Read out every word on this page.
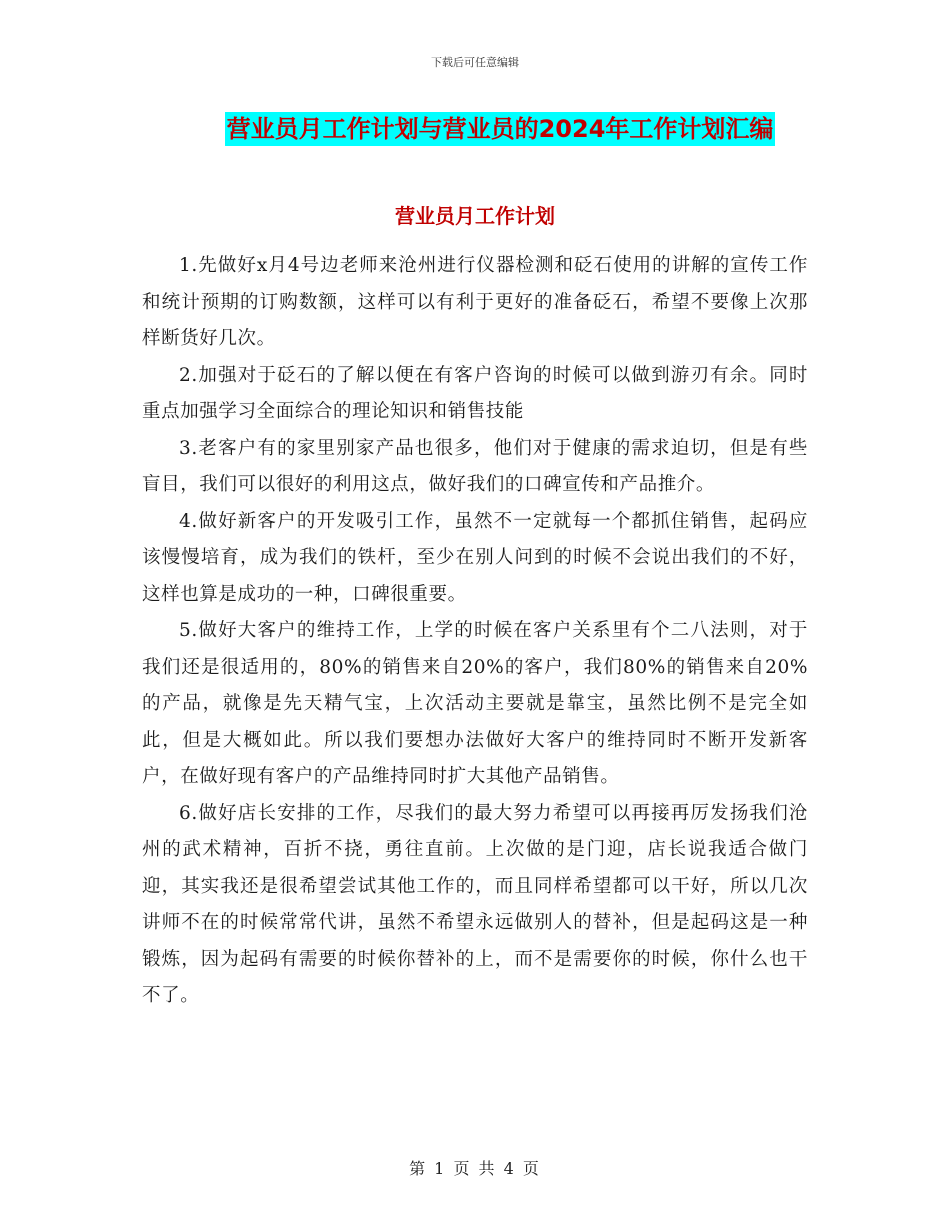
下载后可任意编辑
营业员月工作计划与营业员的2024年工作计划汇编
营业员月工作计划

1.先做好x月4号边老师来沧州进行仪器检测和砭石使用的讲解的宣传工作和统计预期的订购数额，这样可以有利于更好的准备砭石，希望不要像上次那样断货好几次。

2.加强对于砭石的了解以便在有客户咨询的时候可以做到游刃有余。同时重点加强学习全面综合的理论知识和销售技能

3.老客户有的家里别家产品也很多，他们对于健康的需求迫切，但是有些盲目，我们可以很好的利用这点，做好我们的口碑宣传和产品推介。

4.做好新客户的开发吸引工作，虽然不一定就每一个都抓住销售，起码应该慢慢培育，成为我们的铁杆，至少在别人问到的时候不会说出我们的不好，这样也算是成功的一种，口碑很重要。

5.做好大客户的维持工作，上学的时候在客户关系里有个二八法则，对于我们还是很适用的，80%的销售来自20%的客户，我们80%的销售来自20%的产品，就像是先天精气宝，上次活动主要就是靠宝，虽然比例不是完全如此，但是大概如此。所以我们要想办法做好大客户的维持同时不断开发新客户，在做好现有客户的产品维持同时扩大其他产品销售。

6.做好店长安排的工作，尽我们的最大努力希望可以再接再厉发扬我们沧州的武术精神，百折不挠，勇往直前。上次做的是门迎，店长说我适合做门迎，其实我还是很希望尝试其他工作的，而且同样希望都可以干好，所以几次讲师不在的时候常常代讲，虽然不希望永远做别人的替补，但是起码这是一种锻炼，因为起码有需要的时候你替补的上，而不是需要你的时候，你什么也干不了。

第 1 页 共 4 页
